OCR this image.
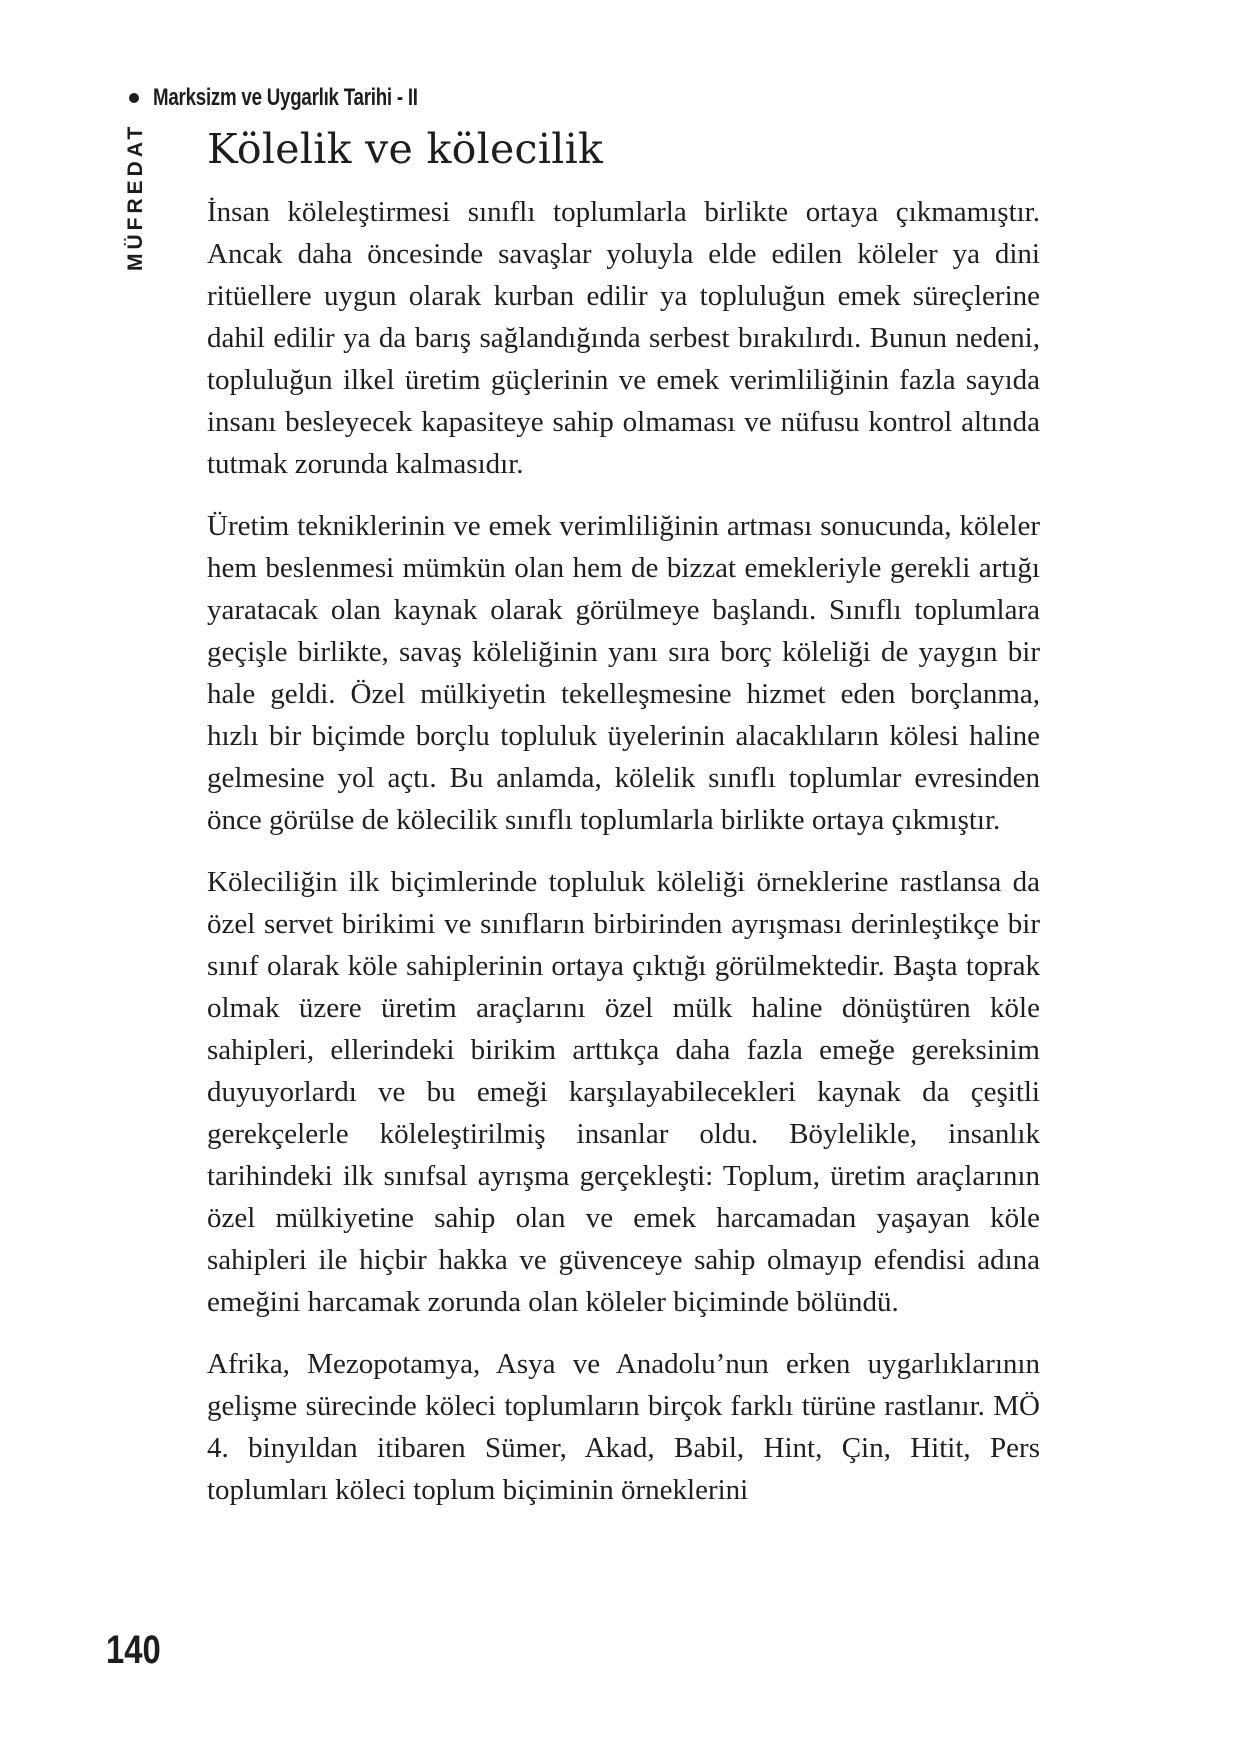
Marksizm ve Uygarlık Tarihi - II
MÜFREDAT Kölelik ve kölecilik

İnsan köleleştirmesi sınıflı toplumlarla birlikte ortaya çıkmamıştır. Ancak daha öncesinde savaşlar yoluyla elde edilen köleler ya dini ritüellere uygun olarak kurban edilir ya topluluğun emek süreçlerine dahil edilir ya da barış sağlandığında serbest bırakılırdı. Bunun nedeni, topluluğun ilkel üretim güçlerinin ve emek verimliliğinin fazla sayıda insanı besleyecek kapasiteye sahip olmaması ve nüfusu kontrol altında tutmak zorunda kalmasıdır.

Üretim tekniklerinin ve emek verimliliğinin artması sonucunda, köleler hem beslenmesi mümkün olan hem de bizzat emekleriyle gerekli artığı yaratacak olan kaynak olarak görülmeye başlandı. Sınıflı toplumlara geçişle birlikte, savaş köleliğinin yanı sıra borç köleliği de yaygın bir hale geldi. Özel mülkiyetin tekelleşmesine hizmet eden borçlanma, hızlı bir biçimde borçlu topluluk üyelerinin alacaklıların kölesi haline gelmesine yol açtı. Bu anlamda, kölelik sınıflı toplumlar evresinden önce görülse de kölecilik sınıflı toplumlarla birlikte ortaya çıkmıştır.

Köleciliğin ilk biçimlerinde topluluk köleliği örneklerine rastlansa da özel servet birikimi ve sınıfların birbirinden ayrışması derinleştikçe bir sınıf olarak köle sahiplerinin ortaya çıktığı görülmektedir. Başta toprak olmak üzere üretim araçlarını özel mülk haline dönüştüren köle sahipleri, ellerindeki birikim arttıkça daha fazla emeğe gereksinim duyuyorlardı ve bu emeği karşılayabilecekleri kaynak da çeşitli gerekçelerle köleleştirilmiş insanlar oldu. Böylelikle, insanlık tarihindeki ilk sınıfsal ayrışma gerçekleşti: Toplum, üretim araçlarının özel mülkiyetine sahip olan ve emek harcamadan yaşayan köle sahipleri ile hiçbir hakka ve güvenceye sahip olmayıp efendisi adına emeğini harcamak zorunda olan köleler biçiminde bölündü.

Afrika, Mezopotamya, Asya ve Anadolu’nun erken uygarlıklarının gelişme sürecinde köleci toplumların birçok farklı türüne rastlanır. MÖ 4. binyıldan itibaren Sümer, Akad, Babil, Hint, Çin, Hitit, Pers toplumları köleci toplum biçiminin örneklerini

140
